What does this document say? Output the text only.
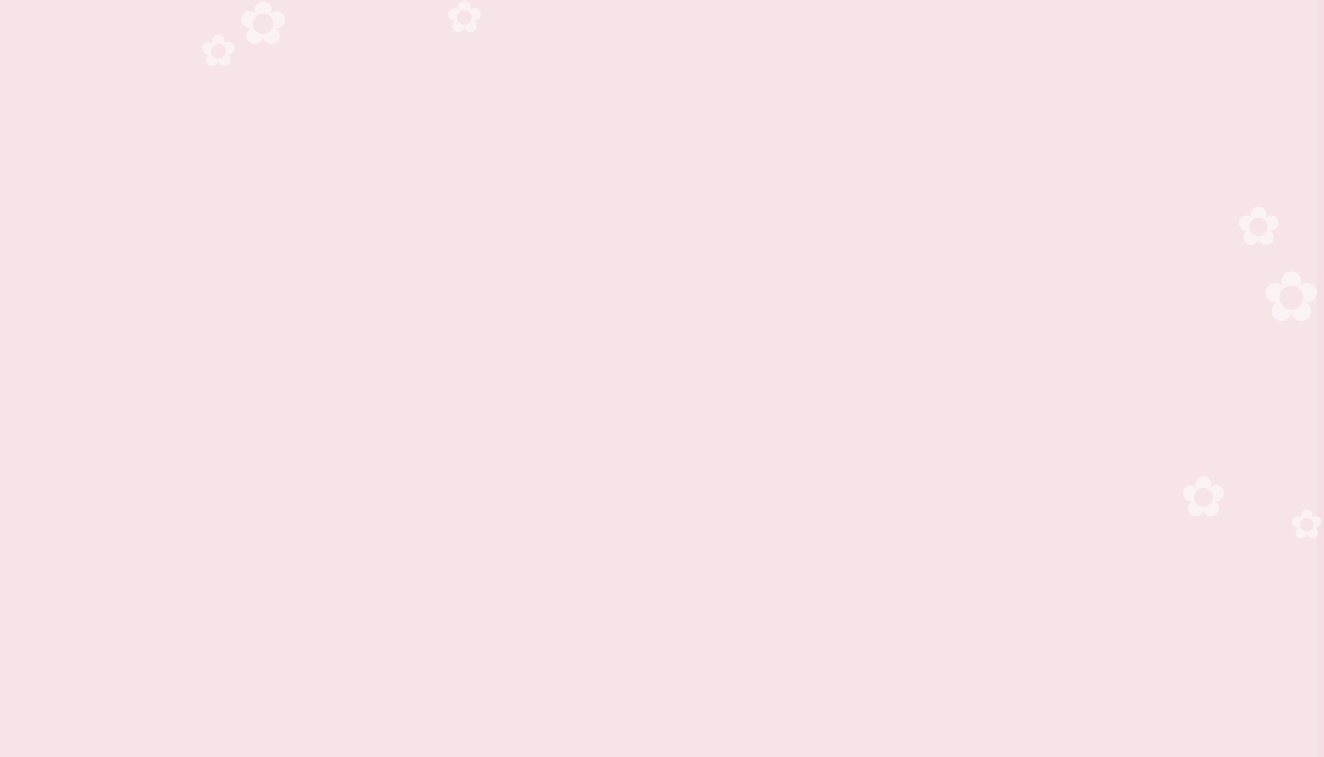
✿
✿
✿
✿
✿
✿ ✿
